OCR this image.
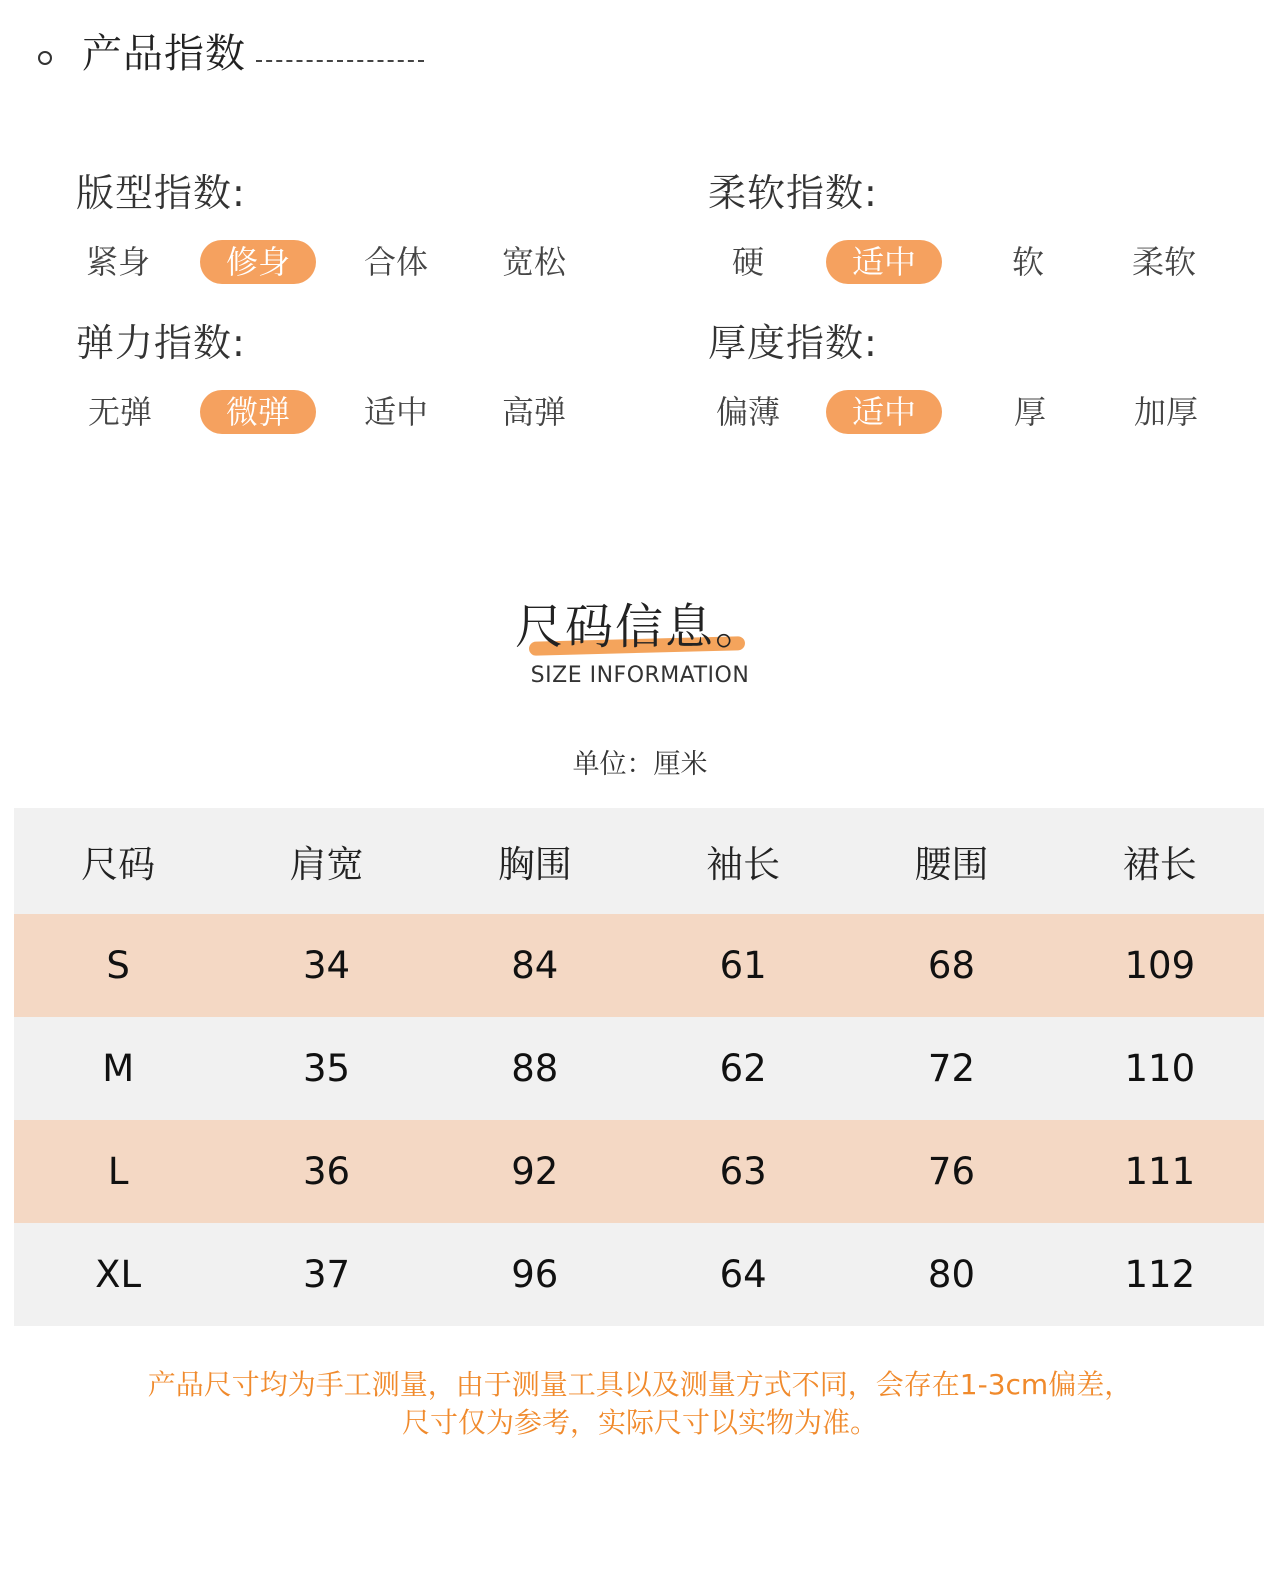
产品指数
版型指数:
紧身	修身	合体	宽松
柔软指数:
硬	适中	软	柔软
弹力指数:
无弹	微弹	适中	高弹
厚度指数:
偏薄	适中	厚	加厚
尺码信息。
SIZE INFORMATION
单位：厘米
尺码	肩宽	胸围	袖长	腰围	裙长
S	34	84	61	68	109
M	35	88	62	72	110
L	36	92	63	76	111
XL	37	96	64	80	112
产品尺寸均为手工测量，由于测量工具以及测量方式不同，会存在1-3cm偏差，
尺寸仅为参考，实际尺寸以实物为准。
